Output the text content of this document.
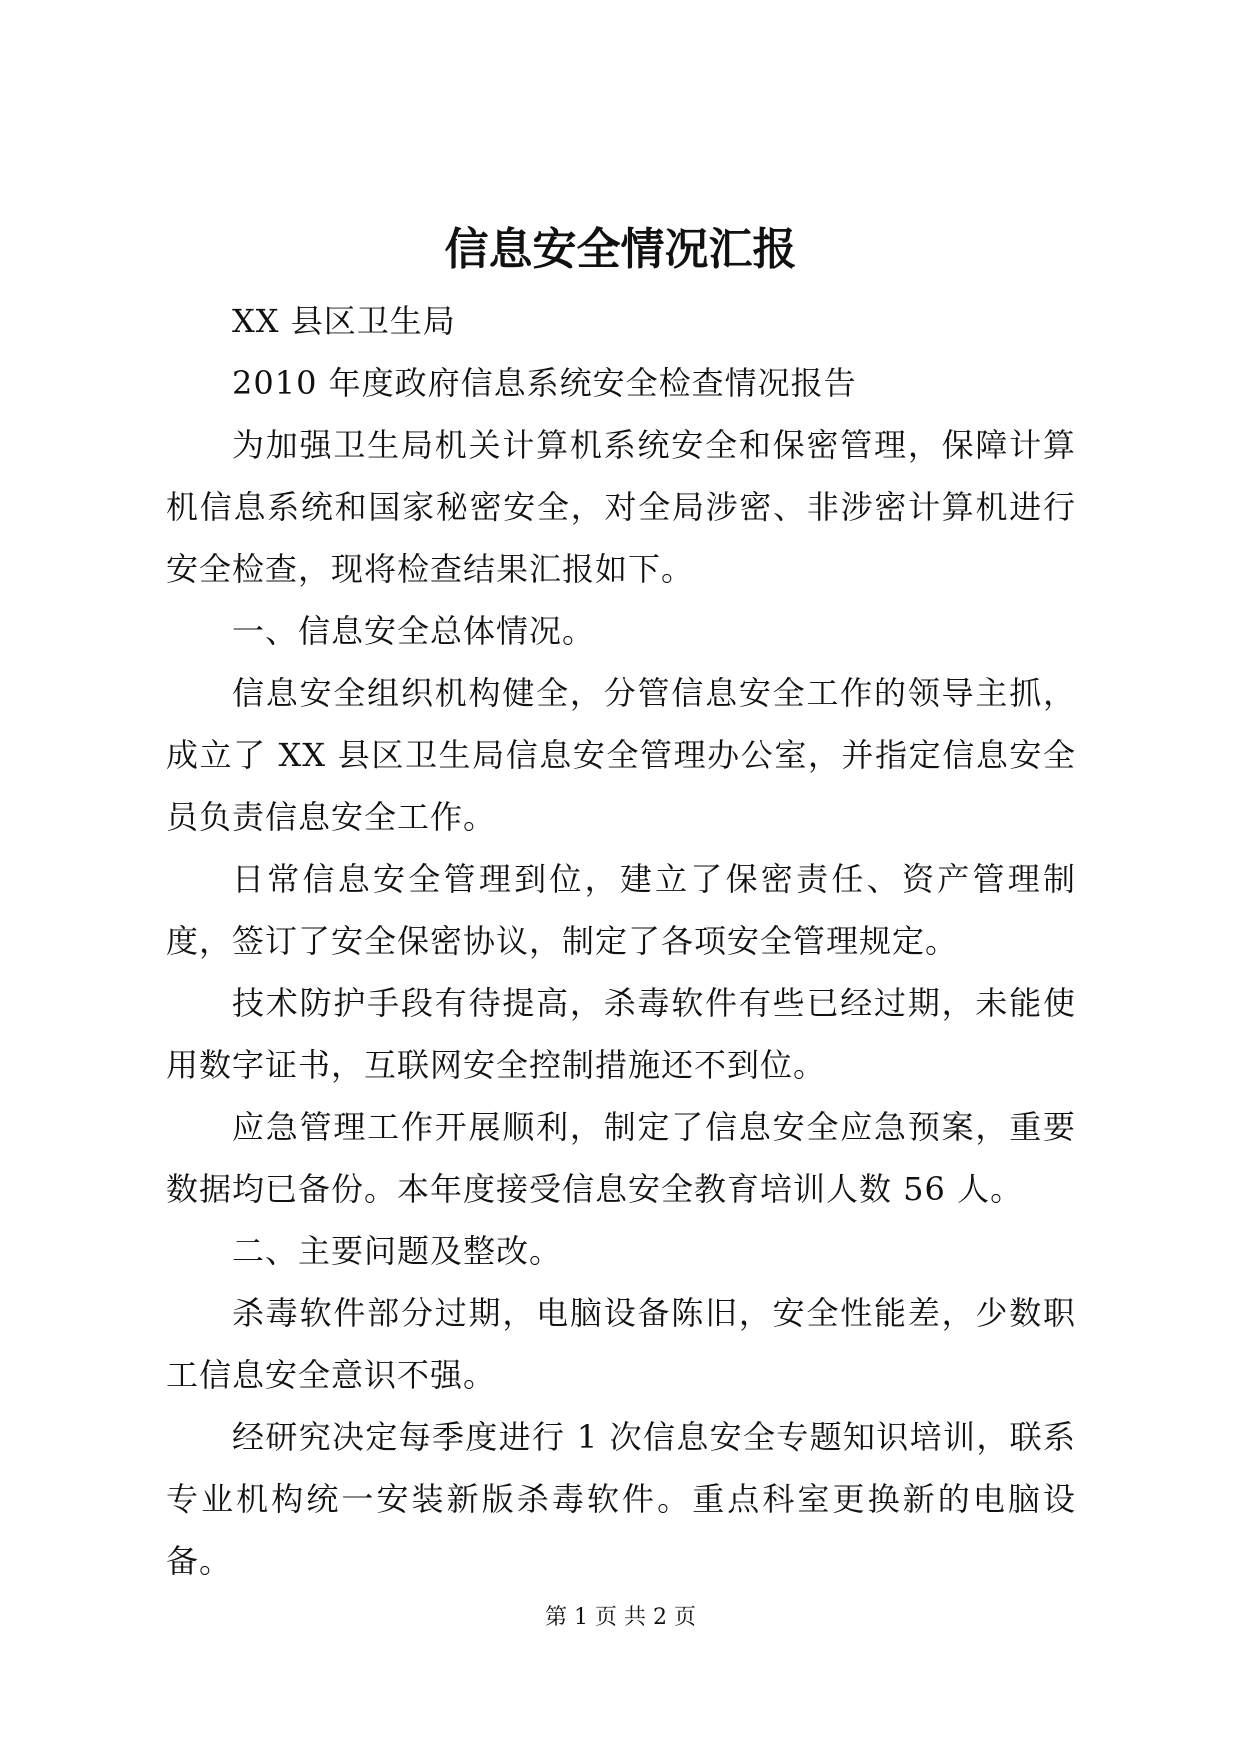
信息安全情况汇报

XX 县区卫生局

2010 年度政府信息系统安全检查情况报告

为加强卫生局机关计算机系统安全和保密管理，保障计算机信息系统和国家秘密安全，对全局涉密、非涉密计算机进行安全检查，现将检查结果汇报如下。

一、信息安全总体情况。

信息安全组织机构健全，分管信息安全工作的领导主抓，成立了 XX 县区卫生局信息安全管理办公室，并指定信息安全员负责信息安全工作。

日常信息安全管理到位，建立了保密责任、资产管理制度，签订了安全保密协议，制定了各项安全管理规定。

技术防护手段有待提高，杀毒软件有些已经过期，未能使用数字证书，互联网安全控制措施还不到位。

应急管理工作开展顺利，制定了信息安全应急预案，重要数据均已备份。本年度接受信息安全教育培训人数 56 人。

二、主要问题及整改。

杀毒软件部分过期，电脑设备陈旧，安全性能差，少数职工信息安全意识不强。

经研究决定每季度进行 1 次信息安全专题知识培训，联系专业机构统一安装新版杀毒软件。重点科室更换新的电脑设备。

第 1 页 共 2 页
